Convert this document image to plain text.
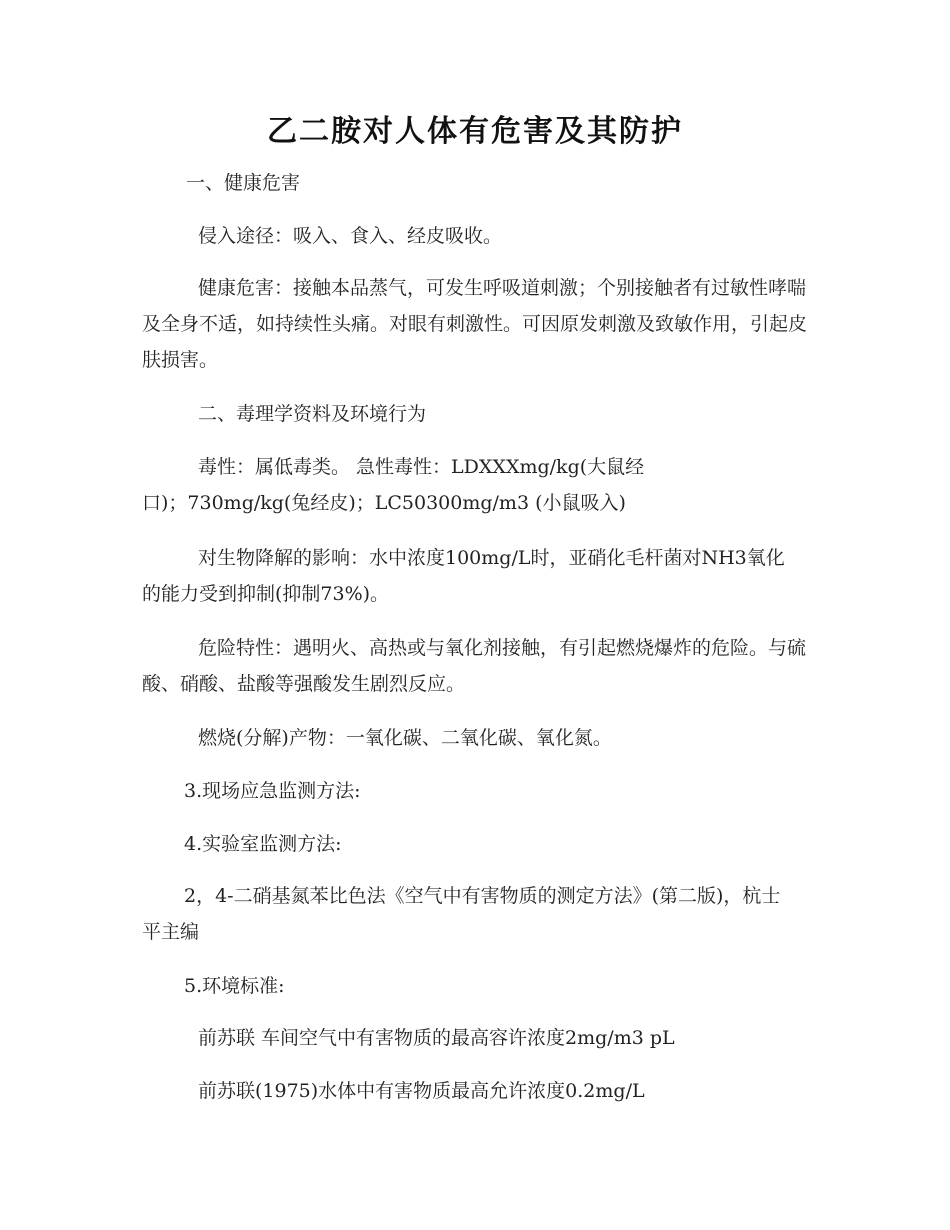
乙二胺对人体有危害及其防护

一、健康危害

侵入途径：吸入、食入、经皮吸收。

健康危害：接触本品蒸气，可发生呼吸道刺激；个别接触者有过敏性哮喘及全身不适，如持续性头痛。对眼有刺激性。可因原发刺激及致敏作用，引起皮肤损害。

二、毒理学资料及环境行为

毒性：属低毒类。 急性毒性：LDXXXmg/kg(大鼠经口)；730mg/kg(兔经皮)；LC50300mg/m3 (小鼠吸入)

对生物降解的影响：水中浓度100mg/L时，亚硝化毛杆菌对NH3氧化的能力受到抑制(抑制73%)。

危险特性：遇明火、高热或与氧化剂接触，有引起燃烧爆炸的危险。与硫酸、硝酸、盐酸等强酸发生剧烈反应。

燃烧(分解)产物：一氧化碳、二氧化碳、氧化氮。

3.现场应急监测方法:

4.实验室监测方法:

2，4-二硝基氮苯比色法《空气中有害物质的测定方法》(第二版)，杭士平主编

5.环境标准:

前苏联 车间空气中有害物质的最高容许浓度2mg/m3 pL

前苏联(1975)水体中有害物质最高允许浓度0.2mg/L
